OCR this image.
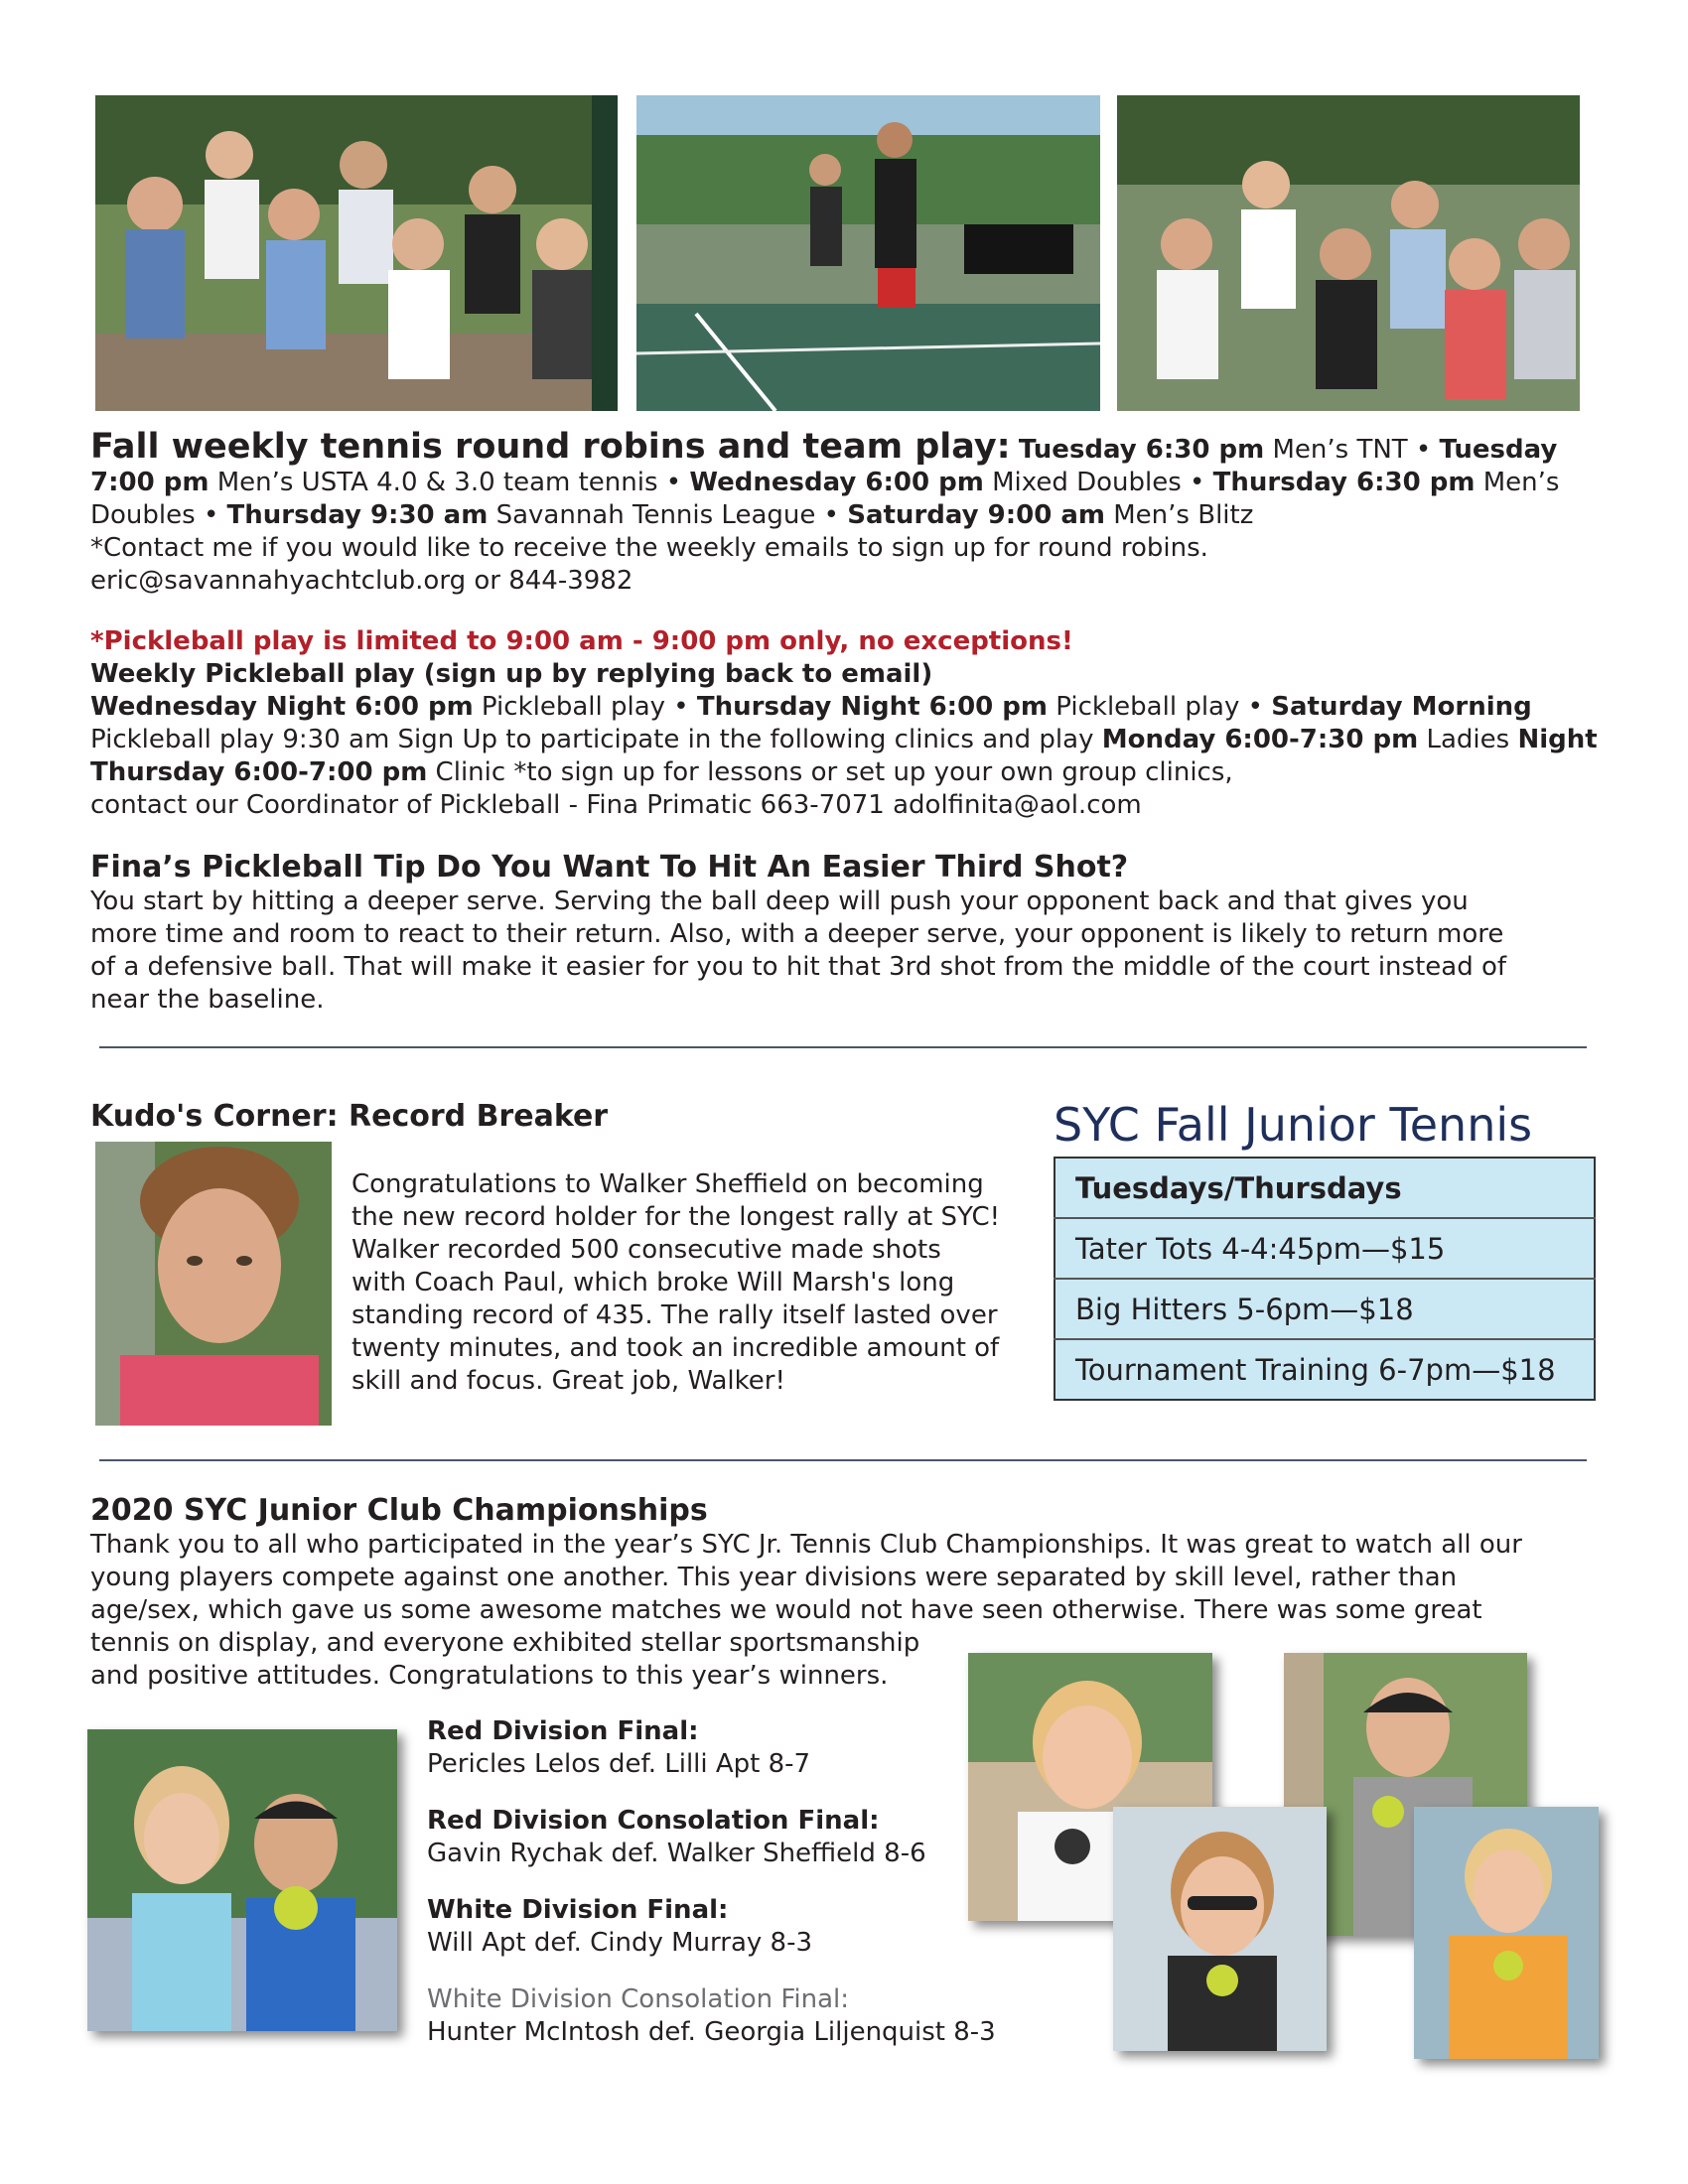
Fall weekly tennis round robins and team play: Tuesday 6:30 pm Men’s TNT • Tuesday 7:00 pm Men’s USTA 4.0 & 3.0 team tennis • Wednesday 6:00 pm Mixed Doubles • Thursday 6:30 pm Men’s Doubles • Thursday 9:30 am Savannah Tennis League • Saturday 9:00 am Men’s Blitz
*Contact me if you would like to receive the weekly emails to sign up for round robins.
eric@savannahyachtclub.org or 844-3982
*Pickleball play is limited to 9:00 am - 9:00 pm only, no exceptions!
Weekly Pickleball play (sign up by replying back to email)
Wednesday Night 6:00 pm Pickleball play • Thursday Night 6:00 pm Pickleball play • Saturday Morning Pickleball play 9:30 am Sign Up to participate in the following clinics and play Monday 6:00-7:30 pm Ladies Night Thursday 6:00-7:00 pm Clinic *to sign up for lessons or set up your own group clinics,
contact our Coordinator of Pickleball - Fina Primatic 663-7071 adolfinita@aol.com
Fina’s Pickleball Tip Do You Want To Hit An Easier Third Shot?
You start by hitting a deeper serve. Serving the ball deep will push your opponent back and that gives you
more time and room to react to their return. Also, with a deeper serve, your opponent is likely to return more
of a defensive ball. That will make it easier for you to hit that 3rd shot from the middle of the court instead of
near the baseline.
Kudo's Corner: Record Breaker
Congratulations to Walker Sheffield on becoming
the new record holder for the longest rally at SYC!
Walker recorded 500 consecutive made shots
with Coach Paul, which broke Will Marsh's long
standing record of 435. The rally itself lasted over
twenty minutes, and took an incredible amount of
skill and focus. Great job, Walker!
SYC Fall Junior Tennis
Tuesdays/Thursdays
Tater Tots 4-4:45pm—$15
Big Hitters 5-6pm—$18
Tournament Training 6-7pm—$18
2020 SYC Junior Club Championships
Thank you to all who participated in the year’s SYC Jr. Tennis Club Championships. It was great to watch all our
young players compete against one another. This year divisions were separated by skill level, rather than
age/sex, which gave us some awesome matches we would not have seen otherwise. There was some great
tennis on display, and everyone exhibited stellar sportsmanship
and positive attitudes. Congratulations to this year’s winners.
Red Division Final:
Pericles Lelos def. Lilli Apt 8-7
Red Division Consolation Final:
Gavin Rychak def. Walker Sheffield 8-6
White Division Final:
Will Apt def. Cindy Murray 8-3
White Division Consolation Final:
Hunter McIntosh def. Georgia Liljenquist 8-3
